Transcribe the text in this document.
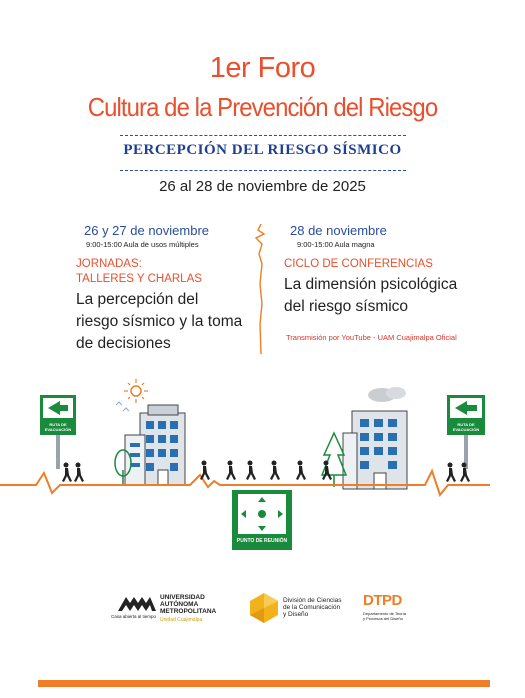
1er Foro
Cultura de la Prevención del Riesgo
PERCEPCIÓN DEL RIESGO SÍSMICO
26 al 28 de noviembre de 2025
26 y 27 de noviembre
9:00-15:00 Aula de usos múltiples
JORNADAS:
TALLERES Y CHARLAS
La percepción del
riesgo sísmico y la toma
de decisiones
28 de noviembre
9:00-15:00 Aula magna
CICLO DE CONFERENCIAS
La dimensión psicológica
del riesgo sísmico
Transmisión por YouTube - UAM Cuajimalpa Oficial
RUTA DE EVACUACIÓN
RUTA DE EVACUACIÓN
PUNTO DE REUNIÓN
Casa abierta al tiempo
UNIVERSIDAD
AUTÓNOMA
METROPOLITANA
Unidad Cuajimalpa
División de Ciencias
de la Comunicación
y Diseño
DTPD
Departamento de Teoría
y Procesos del Diseño
